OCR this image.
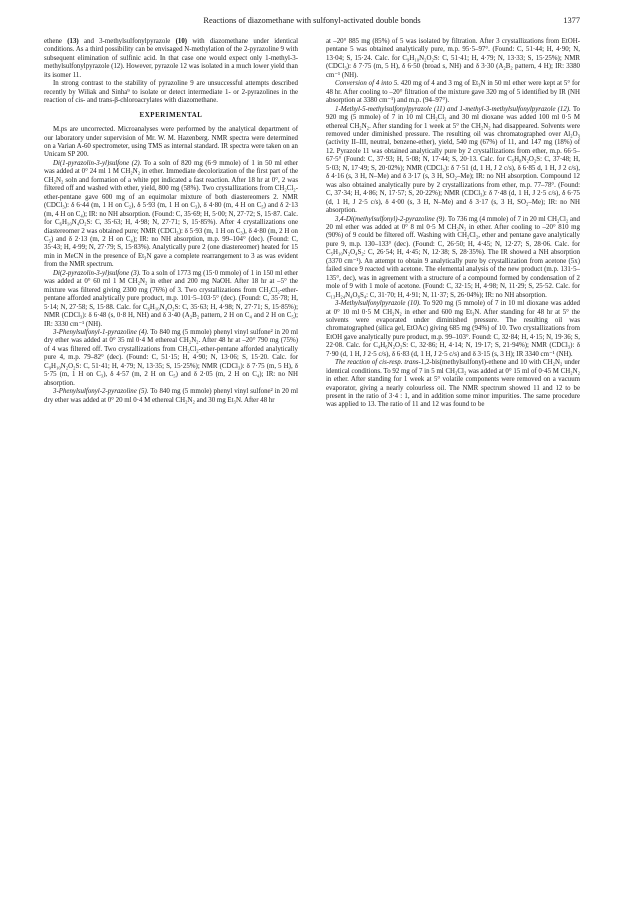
Reactions of diazomethane with sulfonyl-activated double bonds	1377

ethene (13) and 3-methylsulfonylpyrazole (10) with diazomethane under identical conditions. As a third possibility can be envisaged N-methylation of the 2-pyrazoline 9 with subsequent elimination of sulfinic acid. In that case one would expect only 1-methyl-3-methylsulfonylpyrazole (12). However, pyrazole 12 was isolated in a much lower yield than its isomer 11.

In strong contrast to the stability of pyrazoline 9 are unsuccessful attempts described recently by Wiliak and Sinha⁹ to isolate or detect intermediate 1- or 2-pyrazolines in the reaction of cis- and trans-β-chloroacrylates with diazomethane.

EXPERIMENTAL

M.ps are uncorrected. Microanalyses were performed by the analytical department of our laboratory under supervision of Mr. W. M. Hazenberg. NMR spectra were determined on a Varian A-60 spectrometer, using TMS as internal standard. IR spectra were taken on an Unicam SP 200.

Di(1-pyrazolin-3-yl)sulfone (2). To a soln of 820 mg (6·9 mmole) of 1 in 50 ml ether was added at 0° 24 ml 1 M CH₂N₂ in ether. Immediate decolorization of the first part of the CH₂N₂ soln and formation of a white ppt indicated a fast reaction. After 18 hr at 0°, 2 was filtered off and washed with ether, yield, 800 mg (58%). Two crystallizations from CH₂Cl₂-ether-pentane gave 600 mg of an equimolar mixture of both diastereomers 2. NMR (CDCl₃): δ 6·44 (m, 1 H on C₂), δ 5·93 (m, 1 H on C₃), δ 4·80 (m, 4 H on C₅) and δ 2·13 (m, 4 H on C₄); IR: no NH absorption. (Found: C, 35·69; H, 5·00; N, 27·72; S, 15·87. Calc. for C₆H₁₀N₄O₂S: C, 35·63; H, 4·98; N, 27·71; S, 15·85%). After 4 crystallizations one diastereomer 2 was obtained pure; NMR (CDCl₃): δ 5·93 (m, 1 H on C₃), δ 4·80 (m, 2 H on C₅) and δ 2·13 (m, 2 H on C₄); IR: no NH absorption, m.p. 99–104° (dec). (Found: C, 35·43; H, 4·99; N, 27·79; S, 15·83%). Analytically pure 2 (one diastereomer) heated for 15 min in MeCN in the presence of Et₃N gave a complete rearrangement to 3 as was evident from the NMR spectrum.

Di(2-pyrazolin-3-yl)sulfone (3). To a soln of 1773 mg (15·0 mmole) of 1 in 150 ml ether was added at 0° 60 ml 1 M CH₂N₂ in ether and 200 mg NaOH. After 18 hr at –5° the mixture was filtered giving 2300 mg (76%) of 3. Two crystallizations from CH₂Cl₂-ether-pentane afforded analytically pure product, m.p. 101·5–103·5° (dec). (Found: C, 35·78; H, 5·14; N, 27·58; S, 15·88. Calc. for C₆H₁₀N₄O₂S: C, 35·63; H, 4·98; N, 27·71; S, 15·85%); NMR (CDCl₃): δ 6·48 (s, 0·8 H, NH) and δ 3·40 (A₂B₂ pattern, 2 H on C₄ and 2 H on C₅); IR: 3330 cm⁻¹ (NH).

3-Phenylsulfonyl-1-pyrazoline (4). To 840 mg (5 mmole) phenyl vinyl sulfone² in 20 ml dry ether was added at 0° 35 ml 0·4 M ethereal CH₂N₂. After 48 hr at –20° 790 mg (75%) of 4 was filtered off. Two crystallizations from CH₂Cl₂-ether-pentane afforded analytically pure 4, m.p. 79–82° (dec). (Found: C, 51·15; H, 4·90; N, 13·06; S, 15·20. Calc. for C₉H₁₀N₂O₂S: C, 51·41; H, 4·79; N, 13·35; S, 15·25%); NMR (CDCl₃): δ 7·75 (m, 5 H), δ 5·75 (m, 1 H on C₃), δ 4·57 (m, 2 H on C₅) and δ 2·05 (m, 2 H on C₄); IR: no NH absorption.

3-Phenylsulfonyl-2-pyrazoline (5). To 840 mg (5 mmole) phenyl vinyl sulfone² in 20 ml dry ether was added at 0° 20 ml 0·4 M ethereal CH₂N₂ and 30 mg Et₃N. After 48 hr

at –20° 885 mg (85%) of 5 was isolated by filtration. After 3 crystallizations from EtOH-pentane 5 was obtained analytically pure, m.p. 95·5–97°. (Found: C, 51·44; H, 4·90; N, 13·04; S, 15·24. Calc. for C₉H₁₀N₂O₂S: C, 51·41; H, 4·79; N, 13·33; S, 15·25%); NMR (CDCl₃): δ 7·75 (m, 5 H), δ 6·50 (broad s, NH) and δ 3·30 (A₂B₂ pattern, 4 H); IR: 3380 cm⁻¹ (NH).

Conversion of 4 into 5. 420 mg of 4 and 3 mg of Et₃N in 50 ml ether were kept at 5° for 48 hr. After cooling to –20° filtration of the mixture gave 320 mg of 5 identified by IR (NH absorption at 3380 cm⁻¹) and m.p. (94–97°).

1-Methyl-5-methylsulfonylpyrazole (11) and 1-methyl-3-methylsulfonylpyrazole (12). To 920 mg (5 mmole) of 7 in 10 ml CH₂Cl₂ and 30 ml dioxane was added 100 ml 0·5 M ethereal CH₂N₂. After standing for 1 week at 5° the CH₂N₂ had disappeared. Solvents were removed under diminished pressure. The resulting oil was chromatographed over Al₂O₃ (activity II–III, neutral, benzene-ether), yield, 540 mg (67%) of 11, and 147 mg (18%) of 12. Pyrazole 11 was obtained analytically pure by 2 crystallizations from ether, m.p. 66·5–67·5° (Found: C, 37·93; H, 5·08; N, 17·44; S, 20·13. Calc. for C₅H₈N₂O₂S: C, 37·48; H, 5·03; N, 17·49; S, 20·02%); NMR (CDCl₃): δ 7·51 (d, 1 H, J 2 c/s), δ 6·85 d, 1 H, J 2 c/s), δ 4·16 (s, 3 H, N–Me) and δ 3·17 (s, 3 H, SO₂–Me); IR: no NH absorption. Compound 12 was also obtained analytically pure by 2 crystallizations from ether, m.p. 77–78°. (Found: C, 37·34; H, 4·86; N, 17·57; S, 20·22%); NMR (CDCl₃): δ 7·48 (d, 1 H, J 2·5 c/s), δ 6·75 (d, 1 H, J 2·5 c/s), δ 4·00 (s, 3 H, N–Me) and δ 3·17 (s, 3 H, SO₂–Me); IR: no NH absorption.

3,4-Di(methylsulfonyl)-2-pyrazoline (9). To 736 mg (4 mmole) of 7 in 20 ml CH₂Cl₂ and 20 ml ether was added at 0° 8 ml 0·5 M CH₂N₂ in ether. After cooling to –20° 810 mg (90%) of 9 could be filtered off. Washing with CH₂Cl₂, ether and pentane gave analytically pure 9, m.p. 130–133° (dec). (Found: C, 26·50; H, 4·45; N, 12·27; S, 28·06. Calc. for C₅H₁₀N₂O₄S₂: C, 26·54; H, 4·45; N, 12·38; S, 28·35%). The IR showed a NH absorption (3370 cm⁻¹). An attempt to obtain 9 analytically pure by crystallization from acetone (5x) failed since 9 reacted with acetone. The elemental analysis of the new product (m.p. 131·5–135°, dec), was in agreement with a structure of a compound formed by condensation of 2 mole of 9 with 1 mole of acetone. (Found: C, 32·15; H, 4·98; N, 11·29; S, 25·52. Calc. for C₁₃H₂₄N₄O₈S₄: C, 31·70; H, 4·91; N, 11·37; S, 26·04%); IR: no NH absorption.

3-Methylsulfonylpyrazole (10). To 920 mg (5 mmole) of 7 in 10 ml dioxane was added at 0° 10 ml 0·5 M CH₂N₂ in ether and 600 mg Et₃N. After standing for 48 hr at 5° the solvents were evaporated under diminished pressure. The resulting oil was chromatographed (silica gel, EtOAc) giving 685 mg (94%) of 10. Two crystallizations from EtOH gave analytically pure product, m.p. 99–103°. Found: C, 32·84; H, 4·15; N, 19·36; S, 22·08. Calc. for C₄H₆N₂O₂S: C, 32·86; H, 4·14; N, 19·17; S, 21·94%); NMR (CDCl₃): δ 7·90 (d, 1 H, J 2·5 c/s), δ 6·83 (d, 1 H, J 2·5 c/s) and δ 3·15 (s, 3 H); IR 3340 cm⁻¹ (NH).

The reaction of cis-resp. trans-1,2-bis(methylsulfonyl)-ethene and 10 with CH₂N₂ under identical conditions. To 92 mg of 7 in 5 ml CH₂Cl₂ was added at 0° 15 ml of 0·45 M CH₂N₂ in ether. After standing for 1 week at 5° volatile components were removed on a vacuum evaporator, giving a nearly colourless oil. The NMR spectrum showed 11 and 12 to be present in the ratio of 3·4 : 1, and in addition some minor impurities. The same procedure was applied to 13. The ratio of 11 and 12 was found to be
